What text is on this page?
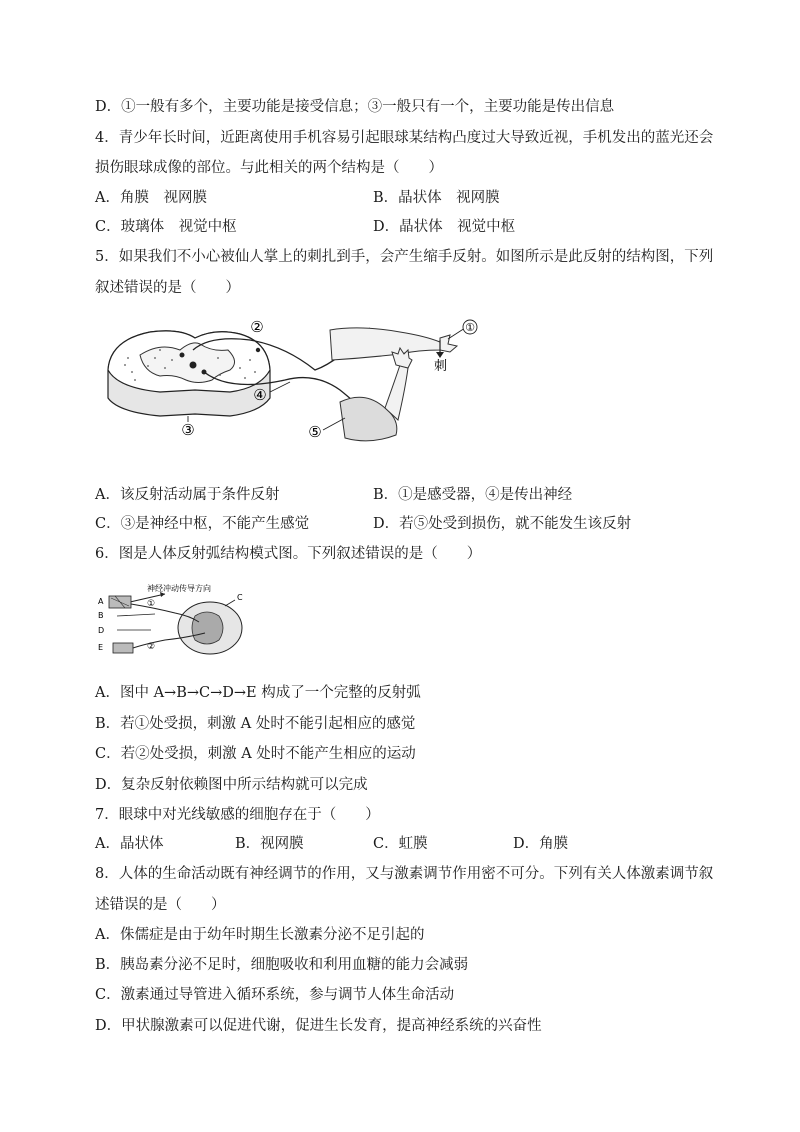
D．①一般有多个，主要功能是接受信息；③一般只有一个，主要功能是传出信息
4．青少年长时间，近距离使用手机容易引起眼球某结构凸度过大导致近视，手机发出的蓝光还会
损伤眼球成像的部位。与此相关的两个结构是（　　）
A．角膜　视网膜	B．晶状体　视网膜
C．玻璃体　视觉中枢	D．晶状体　视觉中枢
5．如果我们不小心被仙人掌上的刺扎到手，会产生缩手反射。如图所示是此反射的结构图，下列
叙述错误的是（　　）
①
刺
②
③
④
⑤
A．该反射活动属于条件反射	B．①是感受器，④是传出神经
C．③是神经中枢，不能产生感觉	D．若⑤处受到损伤，就不能发生该反射
6．图是人体反射弧结构模式图。下列叙述错误的是（　　）
神经冲动传导方向
A
B
C
D
E
①
②
A．图中 A→B→C→D→E 构成了一个完整的反射弧
B．若①处受损，刺激 A 处时不能引起相应的感觉
C．若②处受损，刺激 A 处时不能产生相应的运动
D．复杂反射依赖图中所示结构就可以完成
7．眼球中对光线敏感的细胞存在于（　　）
A．晶状体	B．视网膜	C．虹膜	D．角膜
8．人体的生命活动既有神经调节的作用，又与激素调节作用密不可分。下列有关人体激素调节叙
述错误的是（　　）
A．侏儒症是由于幼年时期生长激素分泌不足引起的
B．胰岛素分泌不足时，细胞吸收和利用血糖的能力会减弱
C．激素通过导管进入循环系统，参与调节人体生命活动
D．甲状腺激素可以促进代谢，促进生长发育，提高神经系统的兴奋性
